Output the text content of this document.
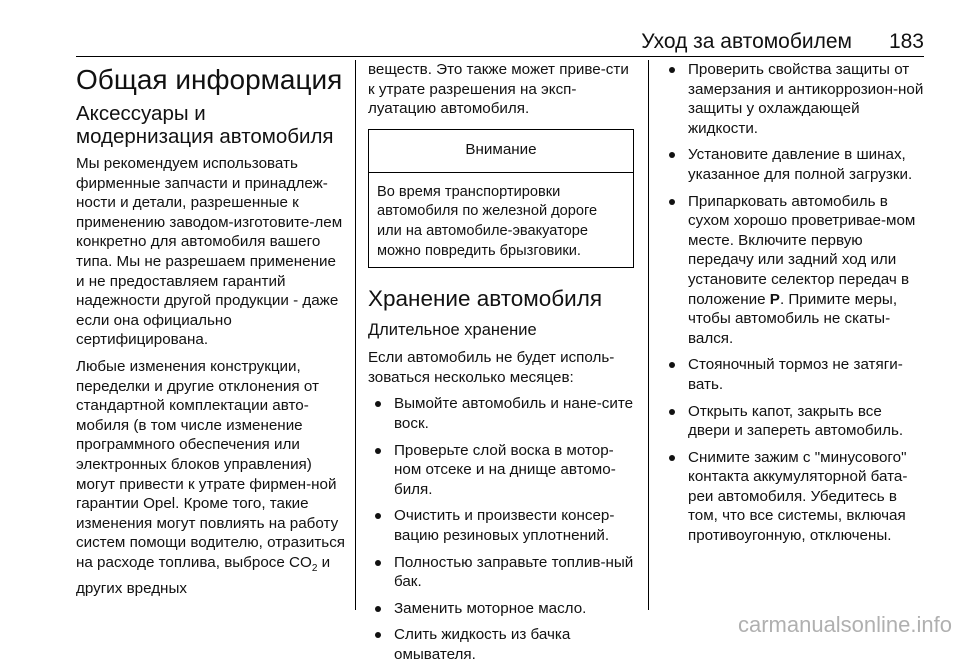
Уход за автомобилем 183
Общая информация
Аксессуары и модернизация автомобиля

Мы рекомендуем использовать фирменные запчасти и принадлеж-ности и детали, разрешенные к применению заводом-изготовите-лем конкретно для автомобиля вашего типа. Мы не разрешаем применение и не предоставляем гарантий надежности другой продукции - даже если она официально сертифицирована.

Любые изменения конструкции, переделки и другие отклонения от стандартной комплектации авто-мобиля (в том числе изменение программного обеспечения или электронных блоков управления) могут привести к утрате фирмен-ной гарантии Opel. Кроме того, такие изменения могут повлиять на работу систем помощи водителю, отразиться на расходе топлива, выбросе $CO_2$ и других вредных

веществ. Это также может приве-сти к утрате разрешения на эксп-луатацию автомобиля.

Внимание
Во время транспортировки автомобиля по железной дороге или на автомобиле-эвакуаторе можно повредить брызговики.
Хранение автомобиля
Длительное хранение

Если автомобиль не будет исполь-зоваться несколько месяцев:

Вымойте автомобиль и нане-сите воск.
Проверьте слой воска в мотор-ном отсеке и на днище автомо-биля.
Очистить и произвести консер-вацию резиновых уплотнений.
Полностью заправьте топлив-ный бак.
Заменить моторное масло.
Слить жидкость из бачка омывателя.
Проверить свойства защиты от замерзания и антикоррозион-ной защиты у охлаждающей жидкости.
Установите давление в шинах, указанное для полной загрузки.
Припарковать автомобиль в сухом хорошо проветривае-мом месте. Включите первую передачу или задний ход или установите селектор передач в положение P. Примите меры, чтобы автомобиль не скаты-вался.
Стояночный тормоз не затяги-вать.
Открыть капот, закрыть все двери и запереть автомобиль.
Снимите зажим с "минусового" контакта аккумуляторной бата-реи автомобиля. Убедитесь в том, что все системы, включая противоугонную, отключены.
carmanualsonline.info
